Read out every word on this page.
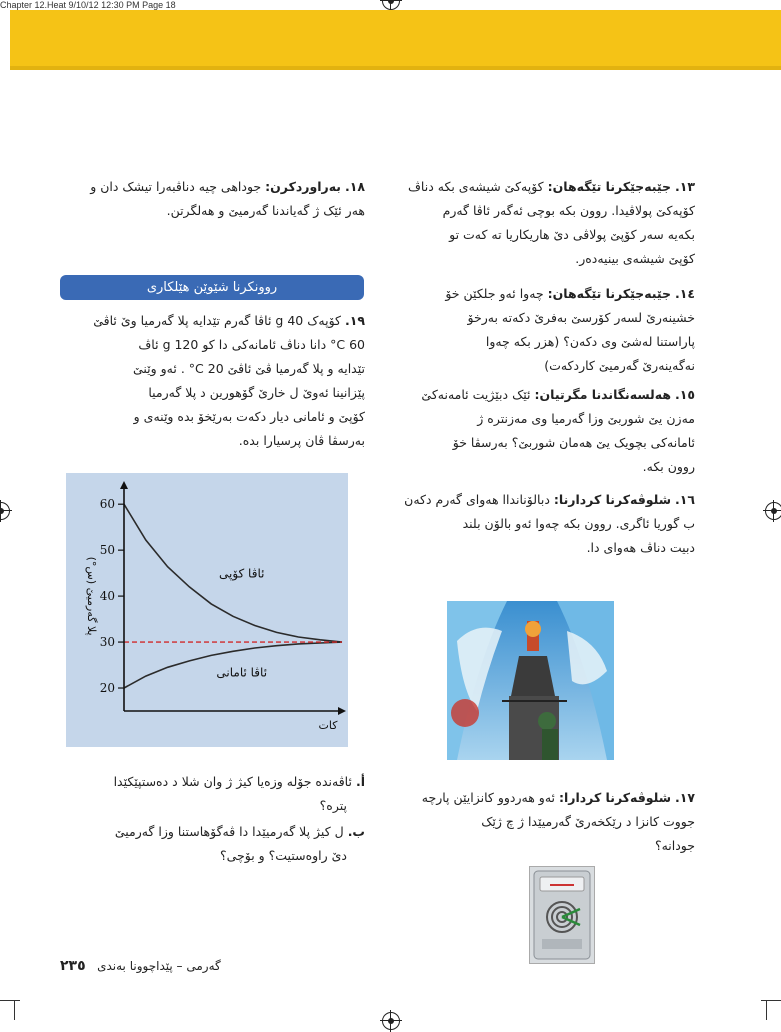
Chapter 12.Heat 9/10/12 12:30 PM Page 18
١٣. جێبەجێکرنا تێگەهان: کۆپەکێ شیشەی بکە دناڤ
کۆپەکێ پولاڤیدا. روون بکە بوچی ئەگەر ئاڤا گەرم
بکەیە سەر کۆپێ پولاڤی دێ هاریکاریا تە کەت تو
کۆپێ شیشەی بینیەدەر.
١٤. جێبەجێکرنا تێگەهان: چەوا ئەو جلکێن خۆ
خشینەرێ لسەر کۆرسێ بەفرێ دکەتە بەرخۆ
پاراستنا لەشێ وی دکەن؟ (هزر بکە چەوا
نەگەینەرێ گەرمیێ کاردکەت)
١٥. هەلسەنگاندنا مگرتیان: ئێک دبێژیت ئامەنەکێ
مەزن یێ شوربێ وزا گەرمیا وی مەزنترە ژ
ئامانەکی بچویک یێ هەمان شوربێ؟ بەرسڤا خۆ
روون بکە.
١٦. شلوڤەکرنا کردارنا: دبالۆنانداا هەوای گەرم دکەن
ب گوریا ئاگری. روون بکە چەوا ئەو بالۆن بلند
دبیت دناڤ هەوای دا.
١٧. شلوڤەکرنا کردارا: ئەو هەردوو کانزایێن پارچە
جووت کانزا د رێکخەرێ گەرمیێدا ژ چ ژێک
جودانە؟
١٨. بەراوردکرن: جوداهی چیە دناڤبەرا تیشک دان و
هەر ئێک ژ گەیاندنا گەرمیێ و هەلگرتن.
روونکرنا شێوێن هێلکاری
١٩. کۆپەک g 40 ئاڤا گەرم تێدایە پلا گەرمیا وێ ئاڤێ
60 C° دانا دناڤ ئامانەکی دا کو g 120 ئاڤ
تێدایە و پلا گەرمیا ڤێ ئاڤێ 20 C° . ئەو وێنێ
پێزانینا ئەوێ ل خارێ گۆهورین د پلا گەرمیا
کۆپێ و ئامانی دیار دکەت بەرێخۆ بدە وێنەی و
بەرسڤا ڤان پرسیارا بدە.
60
50
40
30
20
پلا گەرمیێ (س°)
کات
ئاڤا کۆپی
ئاڤا ئامانی
أ. ئاڤەندە جۆلە وزەیا کیژ ژ وان شلا د دەستپێکێدا
پترە؟
ب. ل کیژ پلا گەرمیێدا دا ڤەگۆهاستنا وزا گەرمیێ
دێ راوەستیت؟ و بۆچی؟
گەرمی – پێداچوونا بەندی   ٢٣٥
